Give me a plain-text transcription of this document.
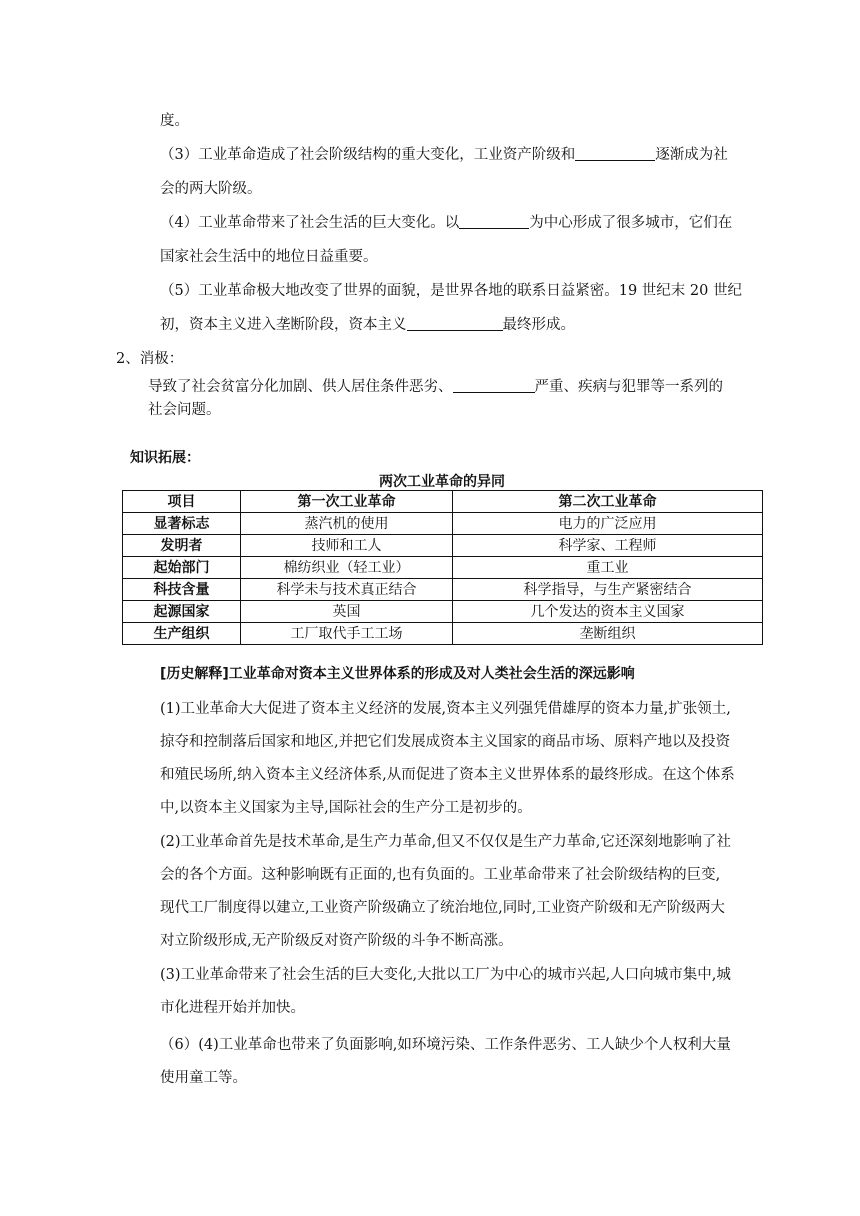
度。
（3）工业革命造成了社会阶级结构的重大变化，工业资产阶级和	逐渐成为社
会的两大阶级。
（4）工业革命带来了社会生活的巨大变化。以	为中心形成了很多城市，它们在
国家社会生活中的地位日益重要。
（5）工业革命极大地改变了世界的面貌，是世界各地的联系日益紧密。19 世纪末 20 世纪
初，资本主义进入垄断阶段，资本主义	最终形成。
2、消极：
导致了社会贫富分化加剧、供人居住条件恶劣、	严重、疾病与犯罪等一系列的
社会问题。
知识拓展：
两次工业革命的异同
项目	第一次工业革命	第二次工业革命
显著标志	蒸汽机的使用	电力的广泛应用
发明者	技师和工人	科学家、工程师
起始部门	棉纺织业（轻工业）	重工业
科技含量	科学未与技术真正结合	科学指导，与生产紧密结合
起源国家	英国	几个发达的资本主义国家
生产组织	工厂取代手工工场	垄断组织
[历史解释]工业革命对资本主义世界体系的形成及对人类社会生活的深远影响
(1)工业革命大大促进了资本主义经济的发展,资本主义列强凭借雄厚的资本力量,扩张领土,
掠夺和控制落后国家和地区,并把它们发展成资本主义国家的商品市场、原料产地以及投资
和殖民场所,纳入资本主义经济体系,从而促进了资本主义世界体系的最终形成。在这个体系
中,以资本主义国家为主导,国际社会的生产分工是初步的。
(2)工业革命首先是技术革命,是生产力革命,但又不仅仅是生产力革命,它还深刻地影响了社
会的各个方面。这种影响既有正面的,也有负面的。工业革命带来了社会阶级结构的巨变,
现代工厂制度得以建立,工业资产阶级确立了统治地位,同时,工业资产阶级和无产阶级两大
对立阶级形成,无产阶级反对资产阶级的斗争不断高涨。
(3)工业革命带来了社会生活的巨大变化,大批以工厂为中心的城市兴起,人口向城市集中,城
市化进程开始并加快。
（6）(4)工业革命也带来了负面影响,如环境污染、工作条件恶劣、工人缺少个人权利大量
使用童工等。
